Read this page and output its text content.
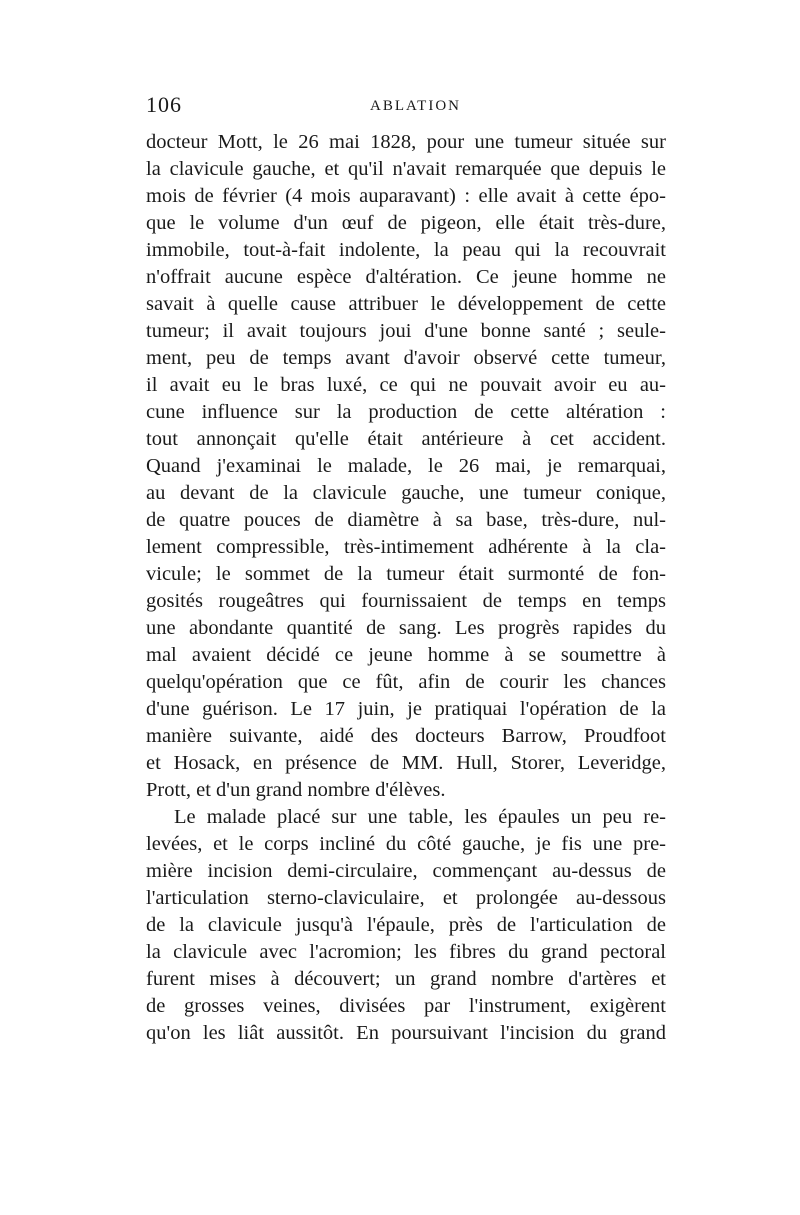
106	ABLATION
docteur Mott, le 26 mai 1828, pour une tumeur située sur
la clavicule gauche, et qu'il n'avait remarquée que depuis le
mois de février (4 mois auparavant) : elle avait à cette épo-
que le volume d'un œuf de pigeon, elle était très-dure,
immobile, tout-à-fait indolente, la peau qui la recouvrait
n'offrait aucune espèce d'altération. Ce jeune homme ne
savait à quelle cause attribuer le développement de cette
tumeur; il avait toujours joui d'une bonne santé ; seule-
ment, peu de temps avant d'avoir observé cette tumeur,
il avait eu le bras luxé, ce qui ne pouvait avoir eu au-
cune influence sur la production de cette altération :
tout annonçait qu'elle était antérieure à cet accident.
Quand j'examinai le malade, le 26 mai, je remarquai,
au devant de la clavicule gauche, une tumeur conique,
de quatre pouces de diamètre à sa base, très-dure, nul-
lement compressible, très-intimement adhérente à la cla-
vicule; le sommet de la tumeur était surmonté de fon-
gosités rougeâtres qui fournissaient de temps en temps
une abondante quantité de sang. Les progrès rapides du
mal avaient décidé ce jeune homme à se soumettre à
quelqu'opération que ce fût, afin de courir les chances
d'une guérison. Le 17 juin, je pratiquai l'opération de la
manière suivante, aidé des docteurs Barrow, Proudfoot
et Hosack, en présence de MM. Hull, Storer, Leveridge,
Prott, et d'un grand nombre d'élèves.
Le malade placé sur une table, les épaules un peu re-
levées, et le corps incliné du côté gauche, je fis une pre-
mière incision demi-circulaire, commençant au-dessus de
l'articulation sterno-claviculaire, et prolongée au-dessous
de la clavicule jusqu'à l'épaule, près de l'articulation de
la clavicule avec l'acromion; les fibres du grand pectoral
furent mises à découvert; un grand nombre d'artères et
de grosses veines, divisées par l'instrument, exigèrent
qu'on les liât aussitôt. En poursuivant l'incision du grand
